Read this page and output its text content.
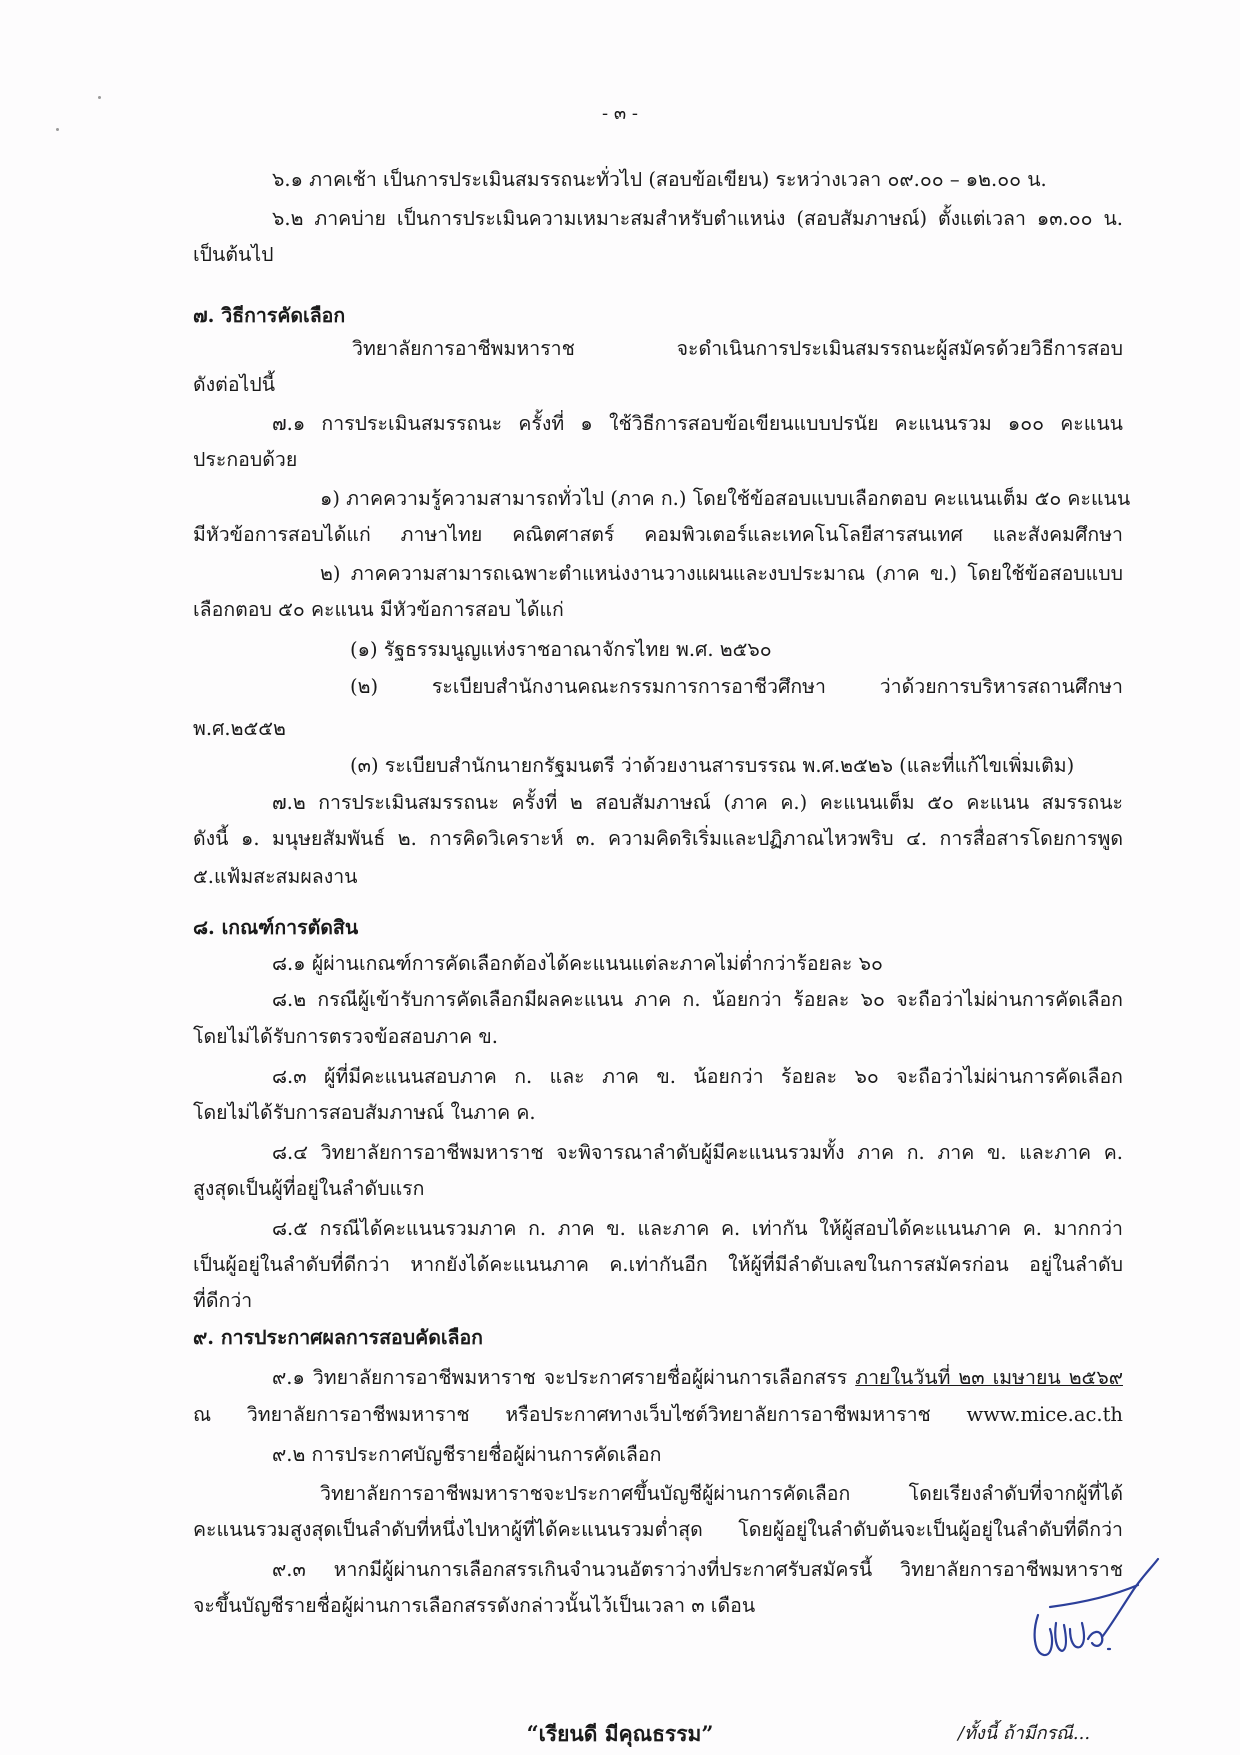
- ๓ -
๖.๑ ภาคเช้า เป็นการประเมินสมรรถนะทั่วไป (สอบข้อเขียน) ระหว่างเวลา ๐๙.๐๐ – ๑๒.๐๐ น.
๖.๒ ภาคบ่าย เป็นการประเมินความเหมาะสมสำหรับตำแหน่ง (สอบสัมภาษณ์) ตั้งแต่เวลา ๑๓.๐๐ น.
เป็นต้นไป
๗. วิธีการคัดเลือก
วิทยาลัยการอาชีพมหาราช จะดำเนินการประเมินสมรรถนะผู้สมัครด้วยวิธีการสอบ
ดังต่อไปนี้
๗.๑ การประเมินสมรรถนะ ครั้งที่ ๑ ใช้วิธีการสอบข้อเขียนแบบปรนัย คะแนนรวม ๑๐๐ คะแนน
ประกอบด้วย
๑) ภาคความรู้ความสามารถทั่วไป (ภาค ก.) โดยใช้ข้อสอบแบบเลือกตอบ คะแนนเต็ม ๕๐ คะแนน
มีหัวข้อการสอบได้แก่ ภาษาไทย คณิตศาสตร์ คอมพิวเตอร์และเทคโนโลยีสารสนเทศ และสังคมศึกษา
๒) ภาคความสามารถเฉพาะตำแหน่งงานวางแผนและงบประมาณ (ภาค ข.) โดยใช้ข้อสอบแบบ
เลือกตอบ ๕๐ คะแนน มีหัวข้อการสอบ ได้แก่
(๑) รัฐธรรมนูญแห่งราชอาณาจักรไทย พ.ศ. ๒๕๖๐
(๒) ระเบียบสำนักงานคณะกรรมการการอาชีวศึกษา ว่าด้วยการบริหารสถานศึกษา
พ.ศ.๒๕๕๒
(๓) ระเบียบสำนักนายกรัฐมนตรี ว่าด้วยงานสารบรรณ พ.ศ.๒๕๒๖ (และที่แก้ไขเพิ่มเติม)
๗.๒ การประเมินสมรรถนะ ครั้งที่ ๒ สอบสัมภาษณ์ (ภาค ค.) คะแนนเต็ม ๕๐ คะแนน สมรรถนะ
ดังนี้ ๑. มนุษยสัมพันธ์ ๒. การคิดวิเคราะห์ ๓. ความคิดริเริ่มและปฏิภาณไหวพริบ ๔. การสื่อสารโดยการพูด
๕.แฟ้มสะสมผลงาน
๘. เกณฑ์การตัดสิน
๘.๑ ผู้ผ่านเกณฑ์การคัดเลือกต้องได้คะแนนแต่ละภาคไม่ต่ำกว่าร้อยละ ๖๐
๘.๒ กรณีผู้เข้ารับการคัดเลือกมีผลคะแนน ภาค ก. น้อยกว่า ร้อยละ ๖๐ จะถือว่าไม่ผ่านการคัดเลือก
โดยไม่ได้รับการตรวจข้อสอบภาค ข.
๘.๓ ผู้ที่มีคะแนนสอบภาค ก. และ ภาค ข. น้อยกว่า ร้อยละ ๖๐ จะถือว่าไม่ผ่านการคัดเลือก
โดยไม่ได้รับการสอบสัมภาษณ์ ในภาค ค.
๘.๔ วิทยาลัยการอาชีพมหาราช จะพิจารณาลำดับผู้มีคะแนนรวมทั้ง ภาค ก. ภาค ข. และภาค ค.
สูงสุดเป็นผู้ที่อยู่ในลำดับแรก
๘.๕ กรณีได้คะแนนรวมภาค ก. ภาค ข. และภาค ค. เท่ากัน ให้ผู้สอบได้คะแนนภาค ค. มากกว่า
เป็นผู้อยู่ในลำดับที่ดีกว่า หากยังได้คะแนนภาค ค.เท่ากันอีก ให้ผู้ที่มีลำดับเลขในการสมัครก่อน อยู่ในลำดับ
ที่ดีกว่า
๙. การประกาศผลการสอบคัดเลือก
๙.๑ วิทยาลัยการอาชีพมหาราช จะประกาศรายชื่อผู้ผ่านการเลือกสรร ภายในวันที่ ๒๓ เมษายน ๒๕๖๙
ณ วิทยาลัยการอาชีพมหาราช หรือประกาศทางเว็บไซต์วิทยาลัยการอาชีพมหาราช www.mice.ac.th
๙.๒ การประกาศบัญชีรายชื่อผู้ผ่านการคัดเลือก
วิทยาลัยการอาชีพมหาราชจะประกาศขึ้นบัญชีผู้ผ่านการคัดเลือก โดยเรียงลำดับที่จากผู้ที่ได้
คะแนนรวมสูงสุดเป็นลำดับที่หนึ่งไปหาผู้ที่ได้คะแนนรวมต่ำสุด โดยผู้อยู่ในลำดับต้นจะเป็นผู้อยู่ในลำดับที่ดีกว่า
๙.๓ หากมีผู้ผ่านการเลือกสรรเกินจำนวนอัตราว่างที่ประกาศรับสมัครนี้ วิทยาลัยการอาชีพมหาราช
จะขึ้นบัญชีรายชื่อผู้ผ่านการเลือกสรรดังกล่าวนั้นไว้เป็นเวลา ๓ เดือน
“เรียนดี มีคุณธรรม”	/ทั้งนี้ ถ้ามีกรณี...
